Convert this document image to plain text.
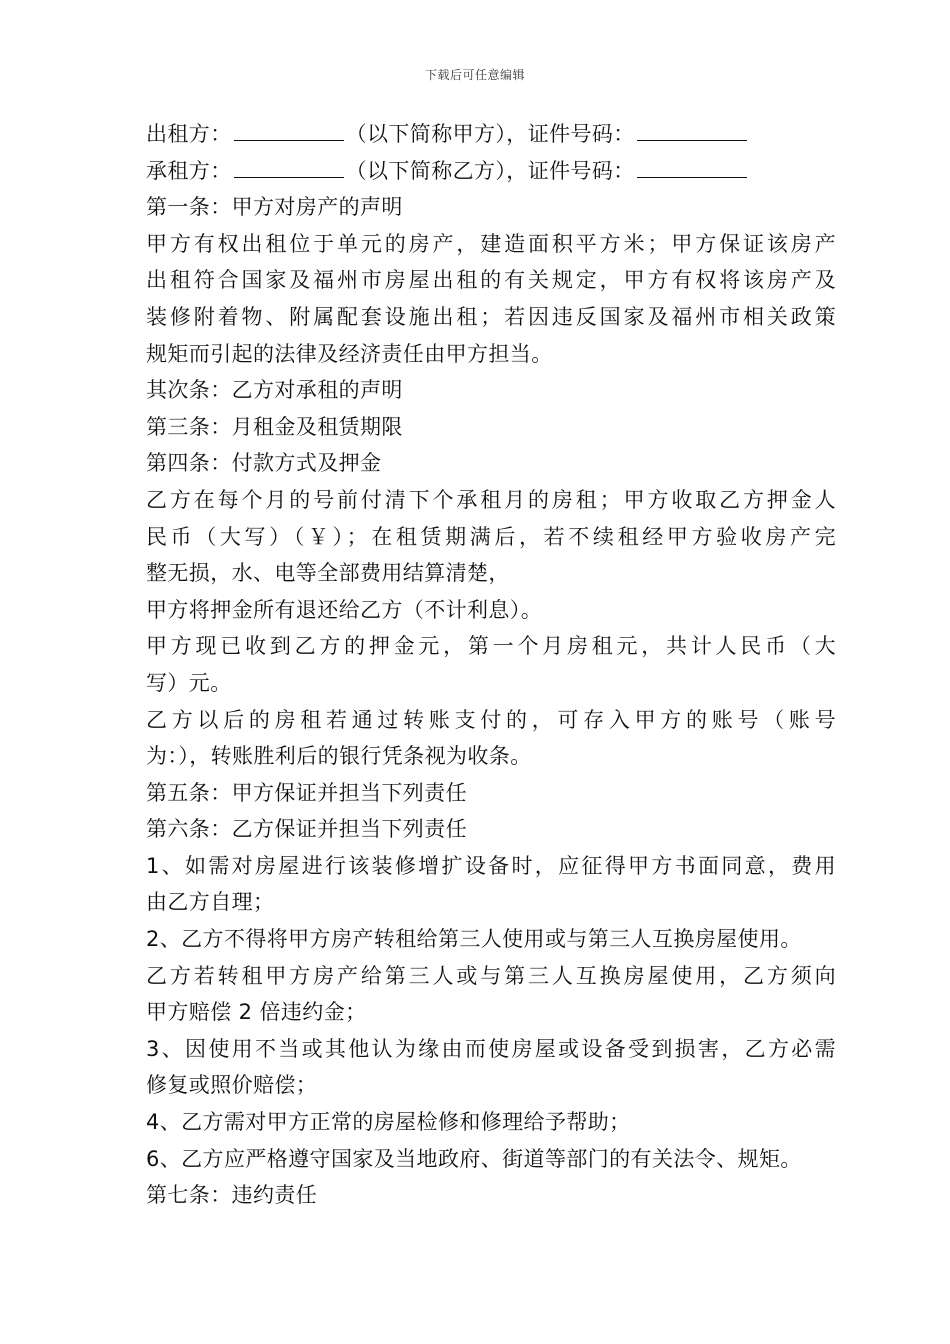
下载后可任意编辑
出租方：	（以下简称甲方），证件号码：
承租方：	（以下简称乙方），证件号码：
第一条：甲方对房产的声明
甲方有权出租位于单元的房产，建造面积平方米；甲方保证该房产
出租符合国家及福州市房屋出租的有关规定，甲方有权将该房产及
装修附着物、附属配套设施出租；若因违反国家及福州市相关政策
规矩而引起的法律及经济责任由甲方担当。
其次条：乙方对承租的声明
第三条：月租金及租赁期限
第四条：付款方式及押金
乙方在每个月的号前付清下个承租月的房租；甲方收取乙方押金人
民币（大写）（￥）；在租赁期满后，若不续租经甲方验收房产完
整无损，水、电等全部费用结算清楚，
甲方将押金所有退还给乙方（不计利息）。
甲方现已收到乙方的押金元，第一个月房租元，共计人民币（大
写）元。
乙方以后的房租若通过转账支付的，可存入甲方的账号（账号
为：），转账胜利后的银行凭条视为收条。
第五条：甲方保证并担当下列责任
第六条：乙方保证并担当下列责任
1、如需对房屋进行该装修增扩设备时，应征得甲方书面同意，费用
由乙方自理；
2、乙方不得将甲方房产转租给第三人使用或与第三人互换房屋使用。
乙方若转租甲方房产给第三人或与第三人互换房屋使用，乙方须向
甲方赔偿 2 倍违约金；
3、因使用不当或其他认为缘由而使房屋或设备受到损害，乙方必需
修复或照价赔偿；
4、乙方需对甲方正常的房屋检修和修理给予帮助；
6、乙方应严格遵守国家及当地政府、街道等部门的有关法令、规矩。
第七条：违约责任
